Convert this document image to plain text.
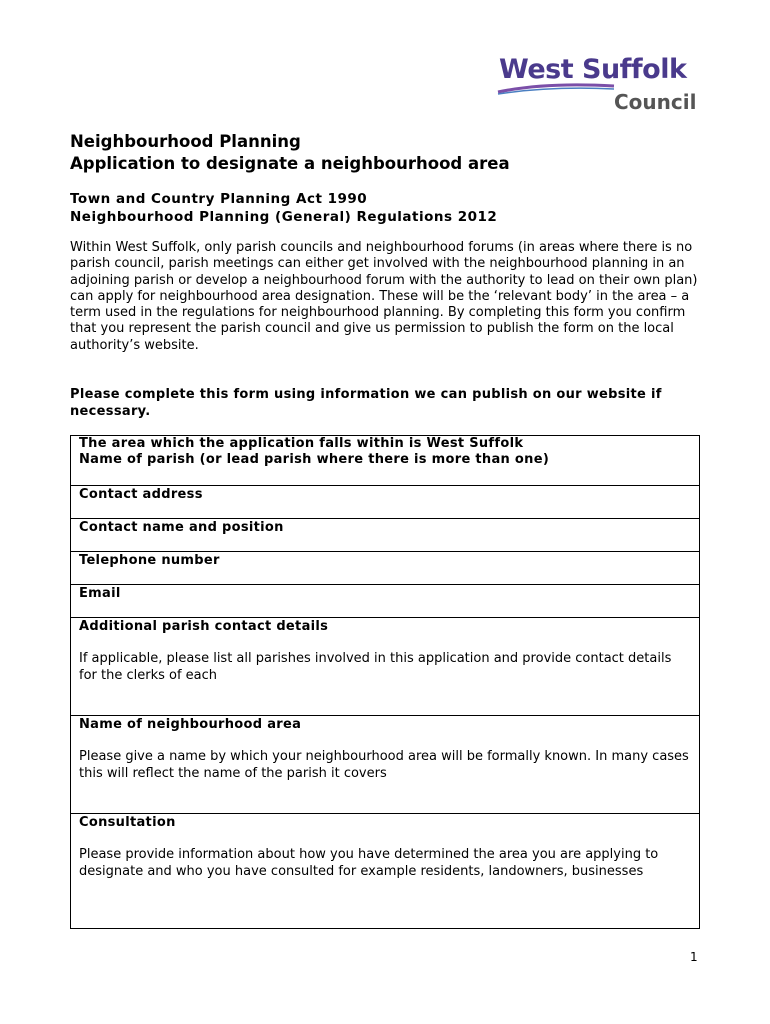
West Suffolk
Council
Neighbourhood Planning
Application to designate a neighbourhood area
Town and Country Planning Act 1990
Neighbourhood Planning (General) Regulations 2012
Within West Suffolk, only parish councils and neighbourhood forums (in areas where there is no parish council, parish meetings can either get involved with the neighbourhood planning in an adjoining parish or develop a neighbourhood forum with the authority to lead on their own plan) can apply for neighbourhood area designation. These will be the ‘relevant body’ in the area – a term used in the regulations for neighbourhood planning. By completing this form you confirm that you represent the parish council and give us permission to publish the form on the local authority’s website.
Please complete this form using information we can publish on our website if necessary.
The area which the application falls within is West Suffolk
Name of parish (or lead parish where there is more than one)

Contact address

Contact name and position

Telephone number

Email

Additional parish contact details
If applicable, please list all parishes involved in this application and provide contact details for the clerks of each

Name of neighbourhood area
Please give a name by which your neighbourhood area will be formally known. In many cases this will reflect the name of the parish it covers

Consultation
Please provide information about how you have determined the area you are applying to designate and who you have consulted for example residents, landowners, businesses
1
